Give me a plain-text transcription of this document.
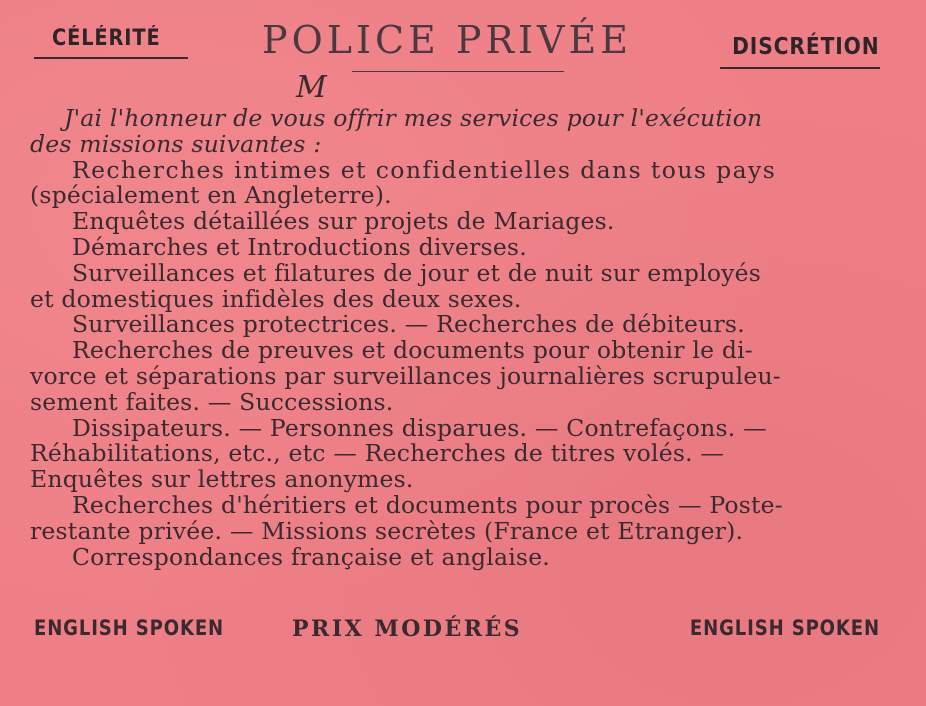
CÉLÉRITÉ	POLICE PRIVÉE	DISCRÉTION
M

J'ai l'honneur de vous offrir mes services pour l'exécution

des missions suivantes :

Recherches intimes et confidentielles dans tous pays

(spécialement en Angleterre).

Enquêtes détaillées sur projets de Mariages.

Démarches et Introductions diverses.

Surveillances et filatures de jour et de nuit sur employés

et domestiques infidèles des deux sexes.

Surveillances protectrices. — Recherches de débiteurs.

Recherches de preuves et documents pour obtenir le di-

vorce et séparations par surveillances journalières scrupuleu-

sement faites. — Successions.

Dissipateurs. — Personnes disparues. — Contrefaçons. —

Réhabilitations, etc., etc — Recherches de titres volés. —

Enquêtes sur lettres anonymes.

Recherches d'héritiers et documents pour procès — Poste-

restante privée. — Missions secrètes (France et Etranger).

Correspondances française et anglaise.

ENGLISH SPOKEN	PRIX MODÉRÉS	ENGLISH SPOKEN
